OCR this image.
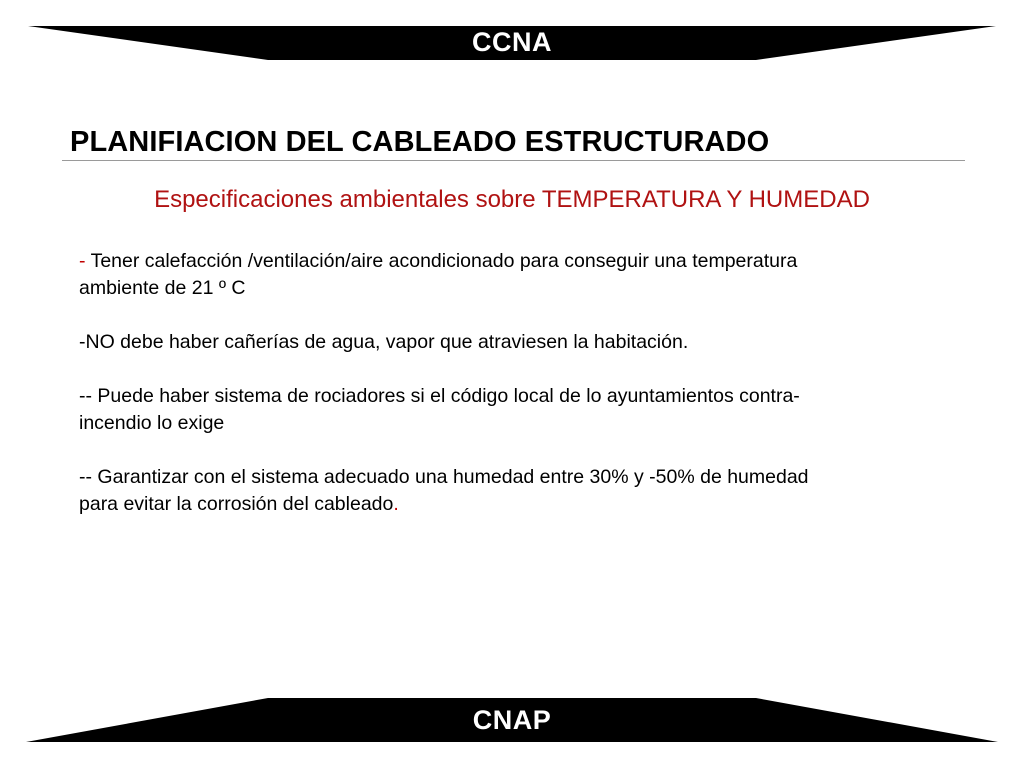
CCNA
PLANIFIACION DEL CABLEADO ESTRUCTURADO
Especificaciones ambientales sobre TEMPERATURA Y HUMEDAD

- Tener calefacción /ventilación/aire acondicionado para conseguir una temperatura
ambiente de 21 º C

-NO debe haber cañerías de agua, vapor que atraviesen la habitación.

-- Puede haber sistema de rociadores si el código local de lo ayuntamientos contra-
incendio lo exige

-- Garantizar con el sistema adecuado una humedad entre 30% y -50% de humedad
para evitar la corrosión del cableado.

CNAP
